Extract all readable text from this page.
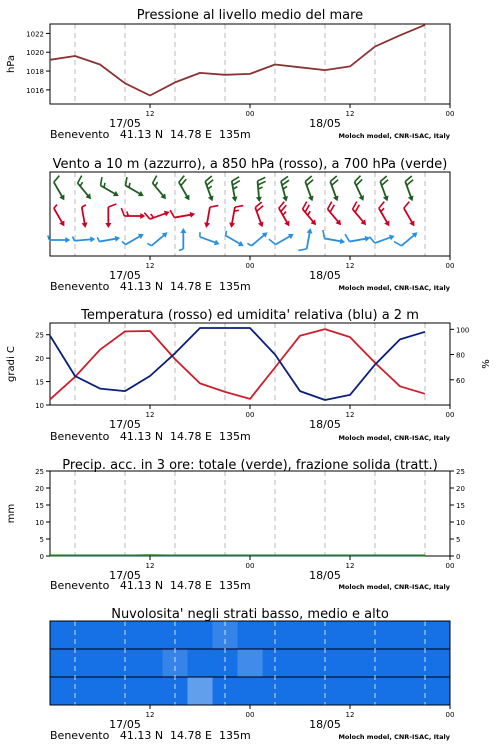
Pressione al livello medio del mare
1016
1018
1020
1022
hPa
12	00	12	00
17/05	18/05
Benevento   41.13 N  14.78 E  135m	Moloch model, CNR-ISAC, Italy
Vento a 10 m (azzurro), a 850 hPa (rosso), a 700 hPa (verde)
12	00	12	00
17/05	18/05
Benevento   41.13 N  14.78 E  135m	Moloch model, CNR-ISAC, Italy
Temperatura (rosso) ed umidita' relativa (blu) a 2 m
10
15
20
25
60
80
100
gradi C	%
12	00	12	00
17/05	18/05
Benevento   41.13 N  14.78 E  135m	Moloch model, CNR-ISAC, Italy
Precip. acc. in 3 ore: totale (verde), frazione solida (tratt.)
0
5
10
15
20
25
0
5
10
15
20
25
mm
12	00	12	00
17/05	18/05
Benevento   41.13 N  14.78 E  135m	Moloch model, CNR-ISAC, Italy
Nuvolosita' negli strati basso, medio e alto
12	00	12	00
17/05	18/05
Benevento   41.13 N  14.78 E  135m	Moloch model, CNR-ISAC, Italy
